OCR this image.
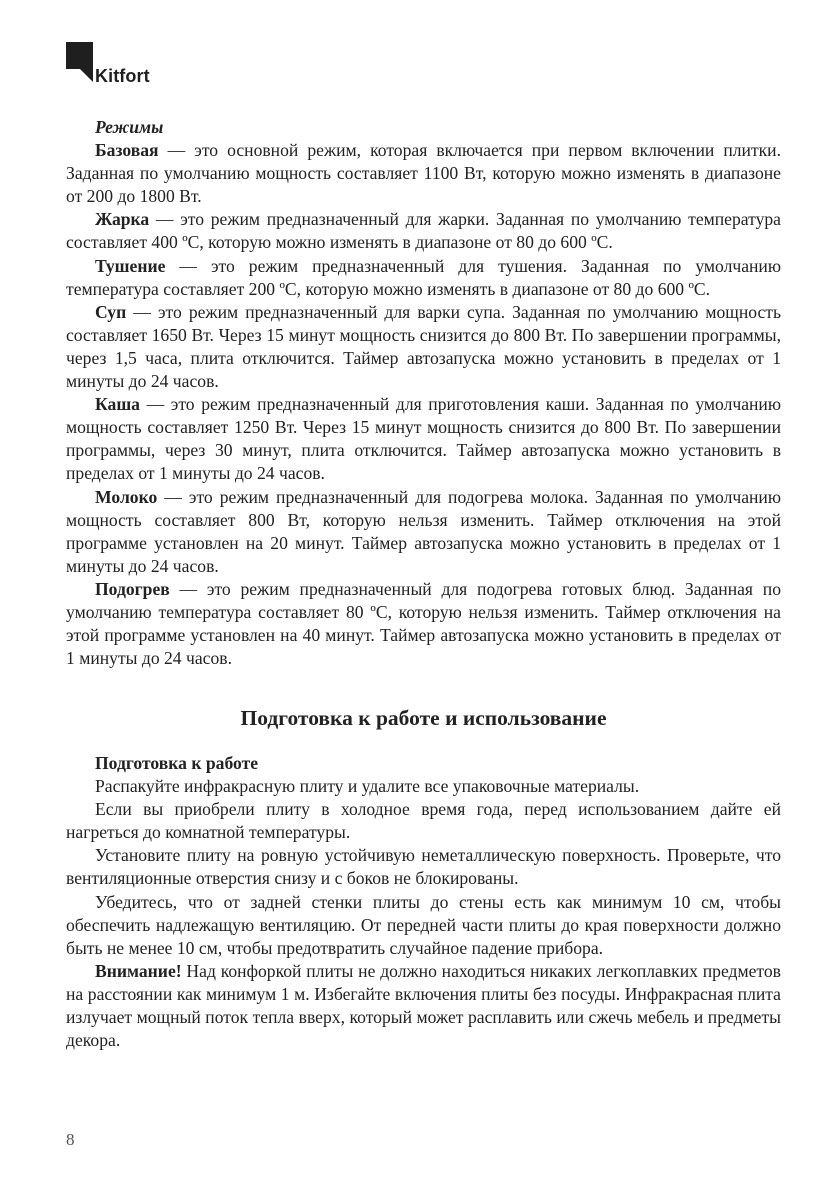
Kitfort

Режимы

Базовая — это основной режим, которая включается при первом включении плитки. Заданная по умолчанию мощность составляет 1100 Вт, которую можно изменять в диапазоне от 200 до 1800 Вт.

Жарка — это режим предназначенный для жарки. Заданная по умолчанию температура составляет 400 ºС, которую можно изменять в диапазоне от 80 до 600 ºС.

Тушение — это режим предназначенный для тушения. Заданная по умолчанию температура составляет 200 ºС, которую можно изменять в диапазоне от 80 до 600 ºС.

Суп — это режим предназначенный для варки супа. Заданная по умолчанию мощность составляет 1650 Вт. Через 15 минут мощность снизится до 800 Вт. По завершении программы, через 1,5 часа, плита отключится. Таймер автозапуска можно установить в пределах от 1 минуты до 24 часов.

Каша — это режим предназначенный для приготовления каши. Заданная по умолчанию мощность составляет 1250 Вт. Через 15 минут мощность снизится до 800 Вт. По завершении программы, через 30 минут, плита отключится. Таймер автозапуска можно установить в пределах от 1 минуты до 24 часов.

Молоко — это режим предназначенный для подогрева молока. Заданная по умолчанию мощность составляет 800 Вт, которую нельзя изменить. Таймер отключения на этой программе установлен на 20 минут. Таймер автозапуска можно установить в пределах от 1 минуты до 24 часов.

Подогрев — это режим предназначенный для подогрева готовых блюд. Заданная по умолчанию температура составляет 80 ºС, которую нельзя изменить. Таймер отключения на этой программе установлен на 40 минут. Таймер автозапуска можно установить в пределах от 1 минуты до 24 часов.

Подготовка к работе и использование

Подготовка к работе

Распакуйте инфракрасную плиту и удалите все упаковочные материалы.

Если вы приобрели плиту в холодное время года, перед использованием дайте ей нагреться до комнатной температуры.

Установите плиту на ровную устойчивую неметаллическую поверхность. Проверьте, что вентиляционные отверстия снизу и с боков не блокированы.

Убедитесь, что от задней стенки плиты до стены есть как минимум 10 см, чтобы обеспечить надлежащую вентиляцию. От передней части плиты до края поверхности должно быть не менее 10 см, чтобы предотвратить случайное падение прибора.

Внимание! Над конфоркой плиты не должно находиться никаких легкоплавких предметов на расстоянии как минимум 1 м. Избегайте включения плиты без посуды. Инфракрасная плита излучает мощный поток тепла вверх, который может расплавить или сжечь мебель и предметы декора.

8
